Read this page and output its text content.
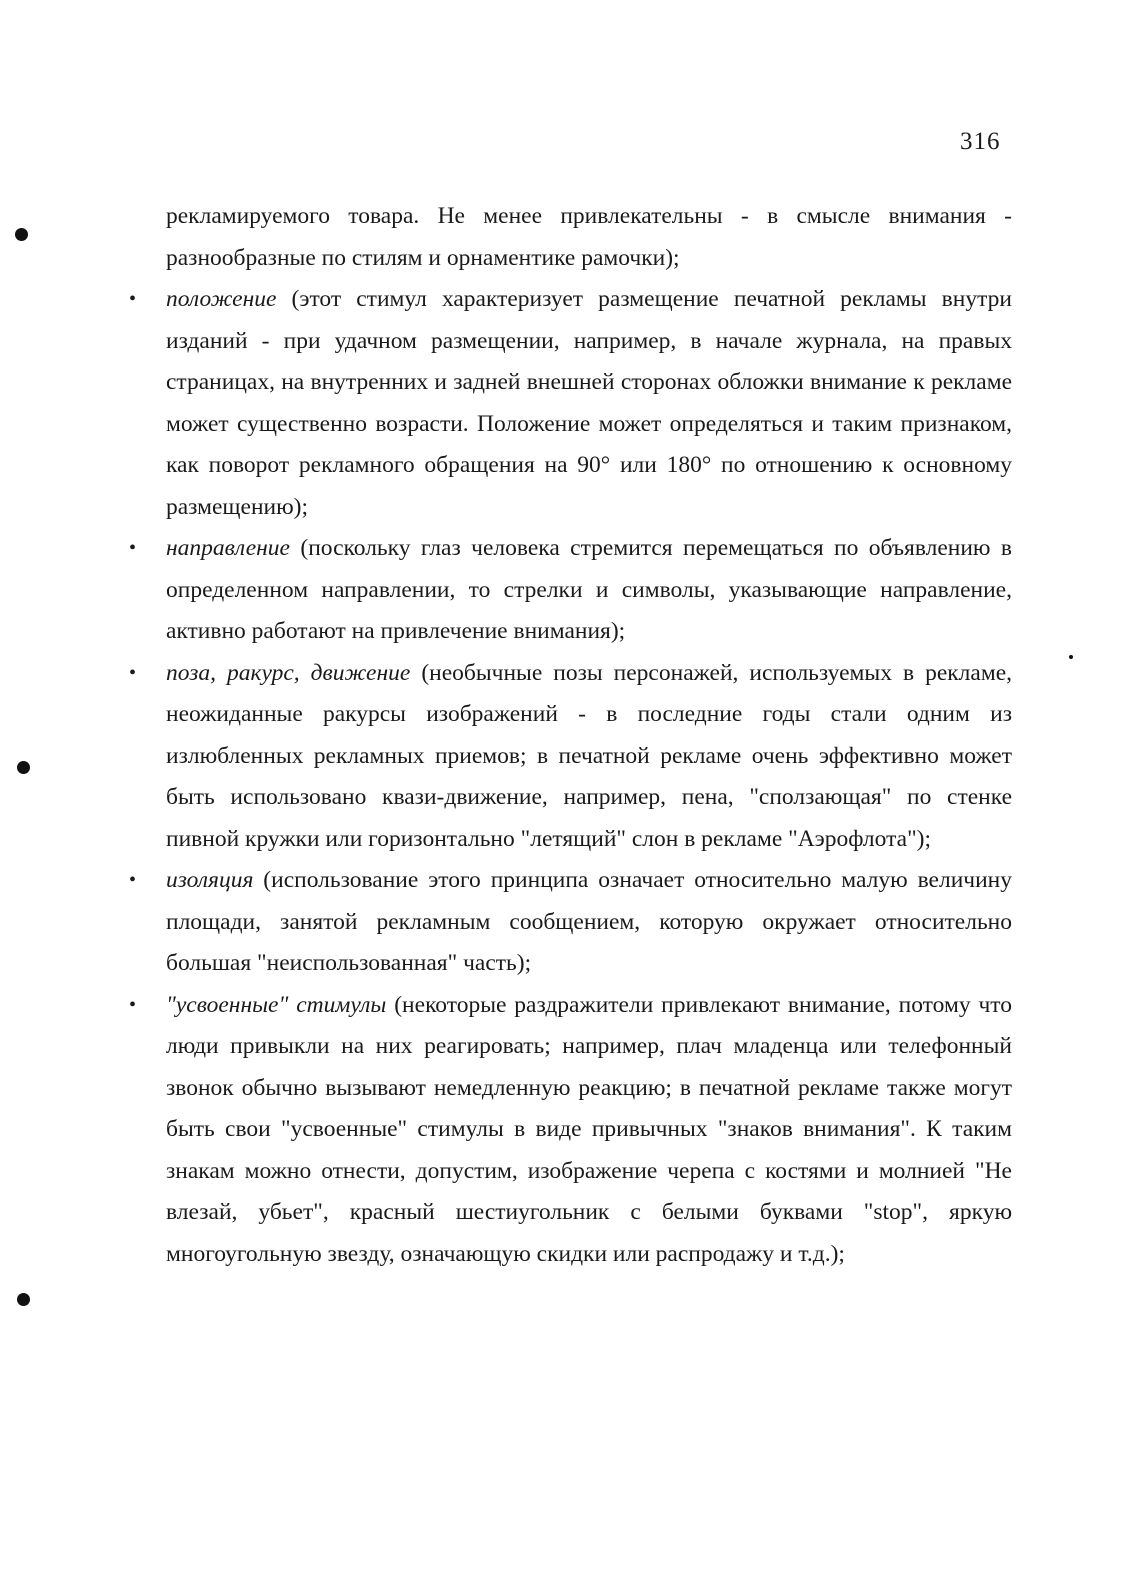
316

рекламируемого товара. Не менее привлекательны - в смысле внимания - разнообразные по стилям и орнаментике рамочки);

• положение (этот стимул характеризует размещение печатной рекламы внутри изданий - при удачном размещении, например, в начале журнала, на правых страницах, на внутренних и задней внешней сторонах обложки внимание к рекламе может существенно возрасти. Положение может определяться и таким признаком, как поворот рекламного обращения на 90° или 180° по отношению к основному размещению);
• направление (поскольку глаз человека стремится перемещаться по объявлению в определенном направлении, то стрелки и символы, указывающие направление, активно работают на привлечение внимания);
• поза, ракурс, движение (необычные позы персонажей, используемых в рекламе, неожиданные ракурсы изображений - в последние годы стали одним из излюбленных рекламных приемов; в печатной рекламе очень эффективно может быть использовано квази-движение, например, пена, "сползающая" по стенке пивной кружки или горизонтально "летящий" слон в рекламе "Аэрофлота");
• изоляция (использование этого принципа означает относительно малую величину площади, занятой рекламным сообщением, которую окружает относительно большая "неиспользованная" часть);
• "усвоенные" стимулы (некоторые раздражители привлекают внимание, потому что люди привыкли на них реагировать; например, плач младенца или телефонный звонок обычно вызывают немедленную реакцию; в печатной рекламе также могут быть свои "усвоенные" стимулы в виде привычных "знаков внимания". К таким знакам можно отнести, допустим, изображение черепа с костями и молнией "Не влезай, убьет", красный шестиугольник с белыми буквами "stop", яркую многоугольную звезду, означающую скидки или распродажу и т.д.);
